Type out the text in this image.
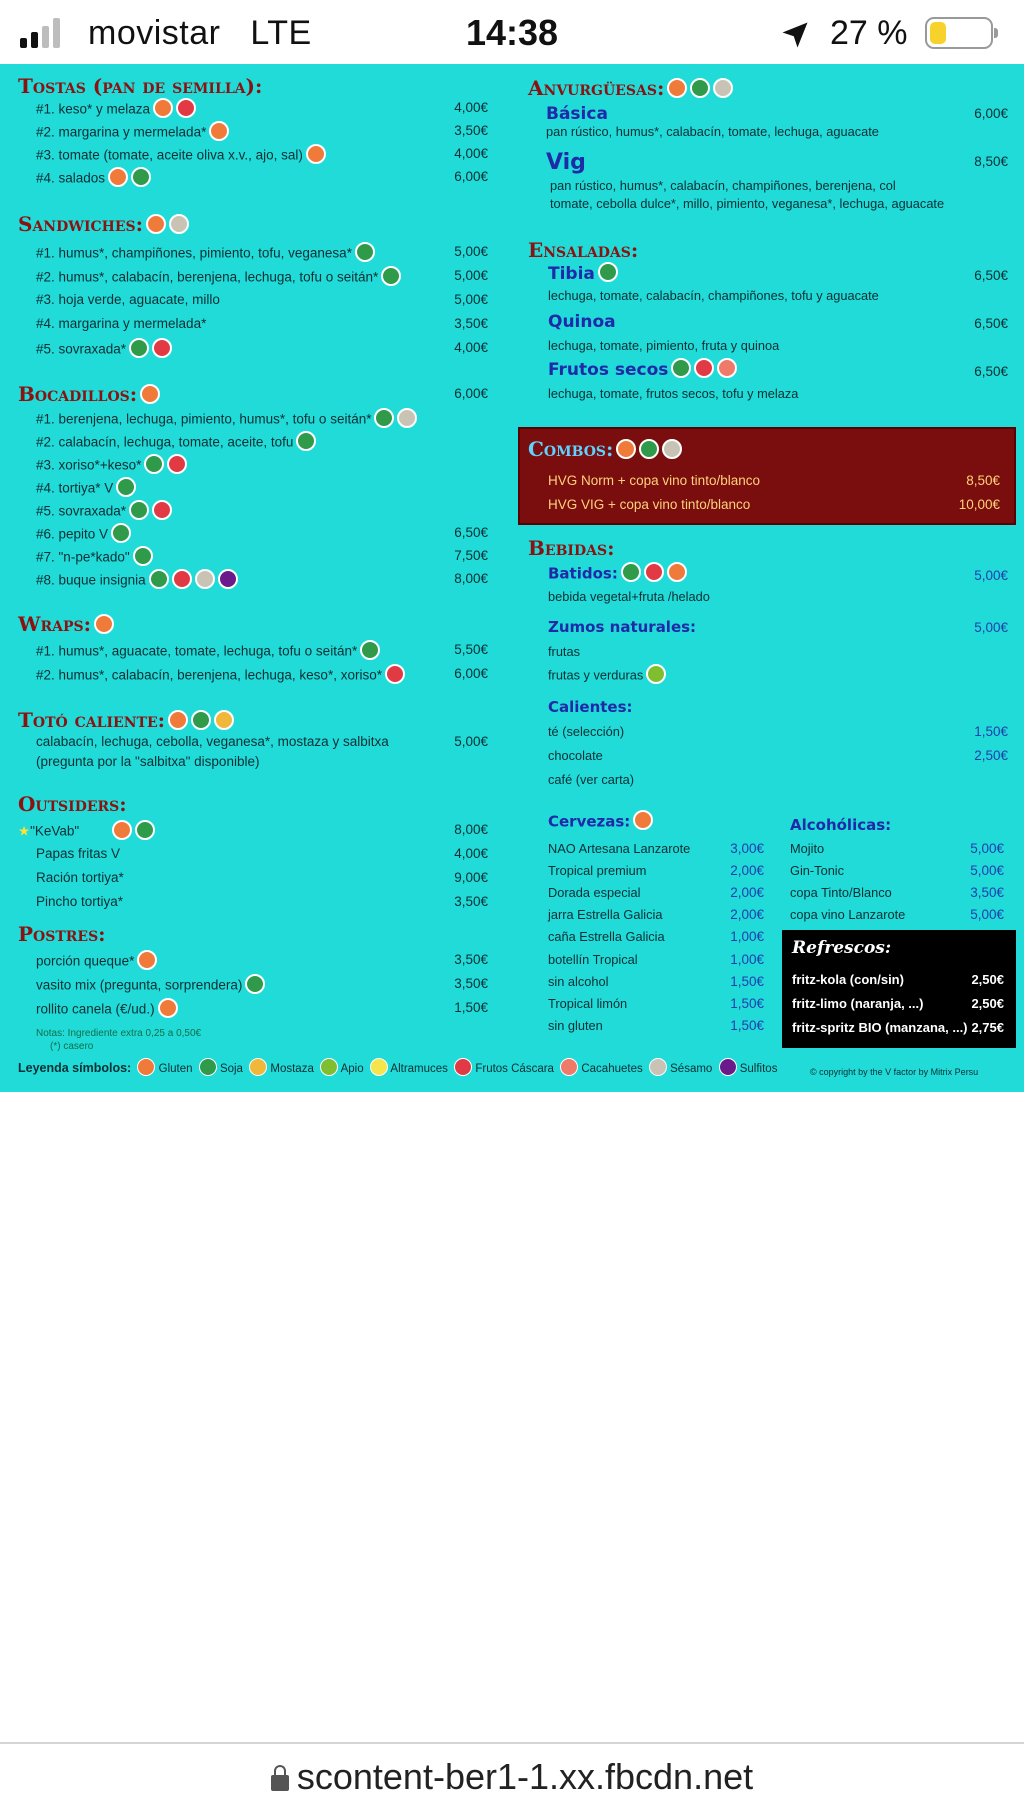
movistar LTE	14:38	27 %
Tostas (pan de semilla):
#1. keso* y melaza	4,00€
#2. margarina y mermelada*	3,50€
#3. tomate (tomate, aceite oliva x.v., ajo, sal)	4,00€
#4. salados	6,00€
Sandwiches:
#1. humus*, champiñones, pimiento, tofu, veganesa*	5,00€
#2. humus*, calabacín, berenjena, lechuga, tofu o seitán*	5,00€
#3. hoja verde, aguacate, millo	5,00€
#4. margarina y mermelada*	3,50€
#5. sovraxada*	4,00€
Bocadillos:	6,00€
#1. berenjena, lechuga, pimiento, humus*, tofu o seitán*
#2. calabacín, lechuga, tomate, aceite, tofu
#3. xoriso*+keso*
#4. tortiya* V
#5. sovraxada*
#6. pepito V	6,50€
#7. "n-pe*kado"	7,50€
#8. buque insignia	8,00€
Wraps:
#1. humus*, aguacate, tomate, lechuga, tofu o seitán*	5,50€
#2. humus*, calabacín, berenjena, lechuga, keso*, xoriso*	6,00€
Totó caliente:
calabacín, lechuga, cebolla, veganesa*, mostaza y salbitxa
(pregunta por la "salbitxa" disponible)
5,00€
Outsiders:
★"KeVab"	8,00€
Papas fritas V	4,00€
Ración tortiya*	9,00€
Pincho tortiya*	3,50€
Postres:
porción queque*	3,50€
vasito mix (pregunta, sorprendera)	3,50€
rollito canela (€/ud.)	1,50€
Notas: Ingrediente extra 0,25 a 0,50€
(*) casero
Anvurgüesas:
Básica	6,00€
pan rústico, humus*, calabacín, tomate, lechuga, aguacate
Vig	8,50€
pan rústico, humus*, calabacín, champiñones, berenjena, col
tomate, cebolla dulce*, millo, pimiento, veganesa*, lechuga, aguacate
Ensaladas:
Tibia	6,50€
lechuga, tomate, calabacín, champiñones, tofu y aguacate
Quinoa	6,50€
lechuga, tomate, pimiento, fruta y quinoa
Frutos secos	6,50€
lechuga, tomate, frutos secos, tofu y melaza
Bebidas:
Batidos:	5,00€
bebida vegetal+fruta /helado
Zumos naturales:	5,00€
frutas
frutas y verduras
Calientes:
té (selección)	1,50€
chocolate	2,50€
café (ver carta)
Cervezas:
NAO Artesana Lanzarote	3,00€
Tropical premium	2,00€
Dorada especial	2,00€
jarra Estrella Galicia	2,00€
caña Estrella Galicia	1,00€
botellín Tropical	1,00€
sin alcohol	1,50€
Tropical limón	1,50€
sin gluten	1,50€
Alcohólicas:
Mojito	5,00€
Gin-Tonic	5,00€
copa Tinto/Blanco	3,50€
copa vino Lanzarote	5,00€
Combos:
HVG Norm + copa vino tinto/blanco	8,50€
HVG VIG + copa vino tinto/blanco	10,00€
Refrescos:
fritz-kola (con/sin)	2,50€
fritz-limo (naranja, ...)	2,50€
fritz-spritz BIO (manzana, ...) 2,75€
Leyenda símbolos: Gluten Soja Mostaza Apio Altramuces Frutos Cáscara Cacahuetes Sésamo Sulfitos	© copyright by the V factor by Mitrix Persu
scontent-ber1-1.xx.fbcdn.net
